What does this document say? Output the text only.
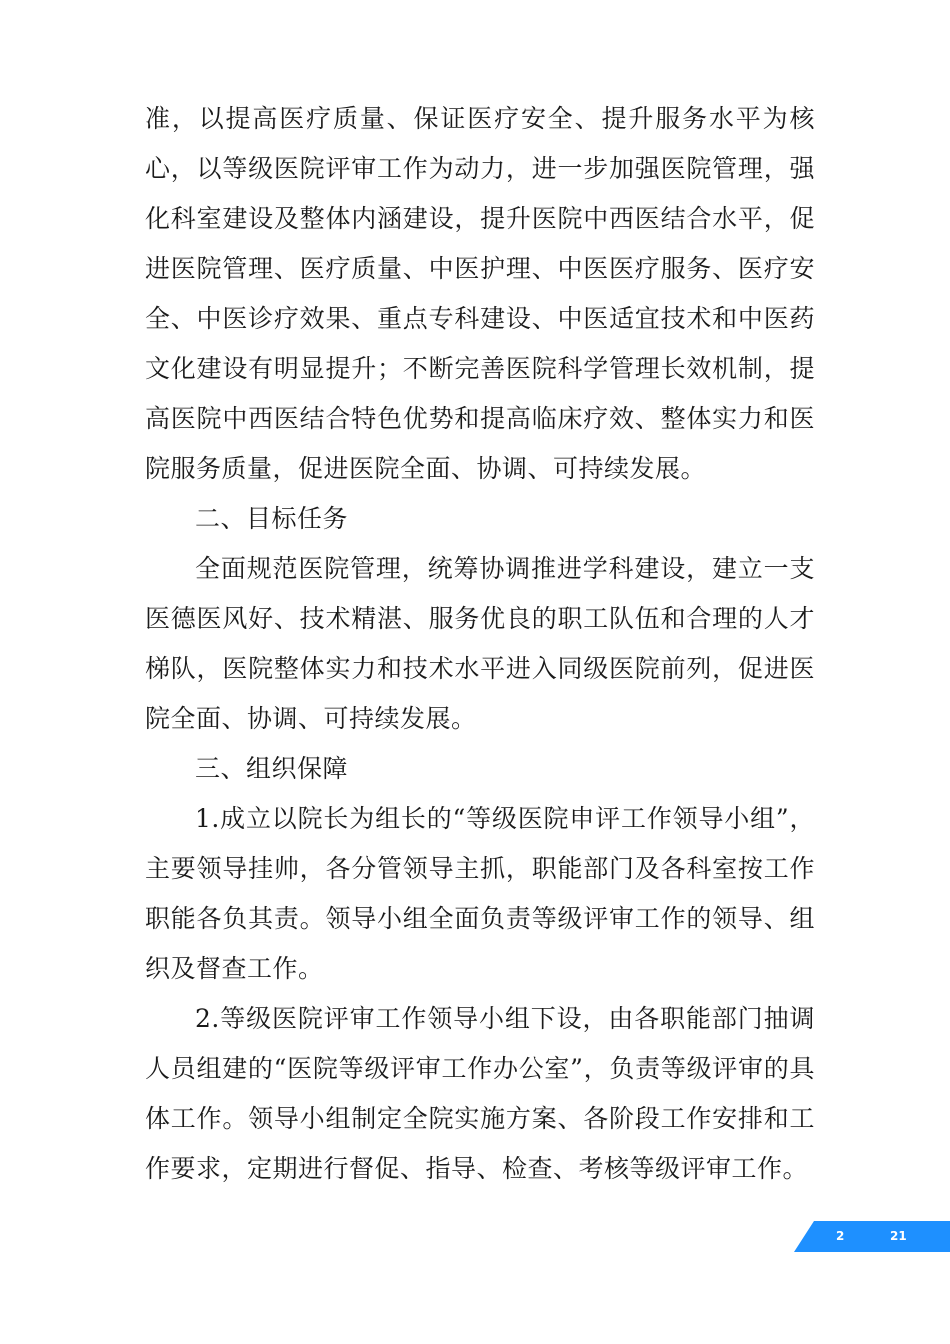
准，以提高医疗质量、保证医疗安全、提升服务水平为核心，以等级医院评审工作为动力，进一步加强医院管理，强化科室建设及整体内涵建设，提升医院中西医结合水平，促进医院管理、医疗质量、中医护理、中医医疗服务、医疗安全、中医诊疗效果、重点专科建设、中医适宜技术和中医药文化建设有明显提升；不断完善医院科学管理长效机制，提高医院中西医结合特色优势和提高临床疗效、整体实力和医院服务质量，促进医院全面、协调、可持续发展。

二、目标任务

全面规范医院管理，统筹协调推进学科建设，建立一支医德医风好、技术精湛、服务优良的职工队伍和合理的人才梯队，医院整体实力和技术水平进入同级医院前列，促进医院全面、协调、可持续发展。

三、组织保障

1.成立以院长为组长的“等级医院申评工作领导小组”，主要领导挂帅，各分管领导主抓，职能部门及各科室按工作职能各负其责。领导小组全面负责等级评审工作的领导、组织及督查工作。

2.等级医院评审工作领导小组下设，由各职能部门抽调人员组建的“医院等级评审工作办公室”，负责等级评审的具体工作。领导小组制定全院实施方案、各阶段工作安排和工作要求，定期进行督促、指导、检查、考核等级评审工作。

2	21
